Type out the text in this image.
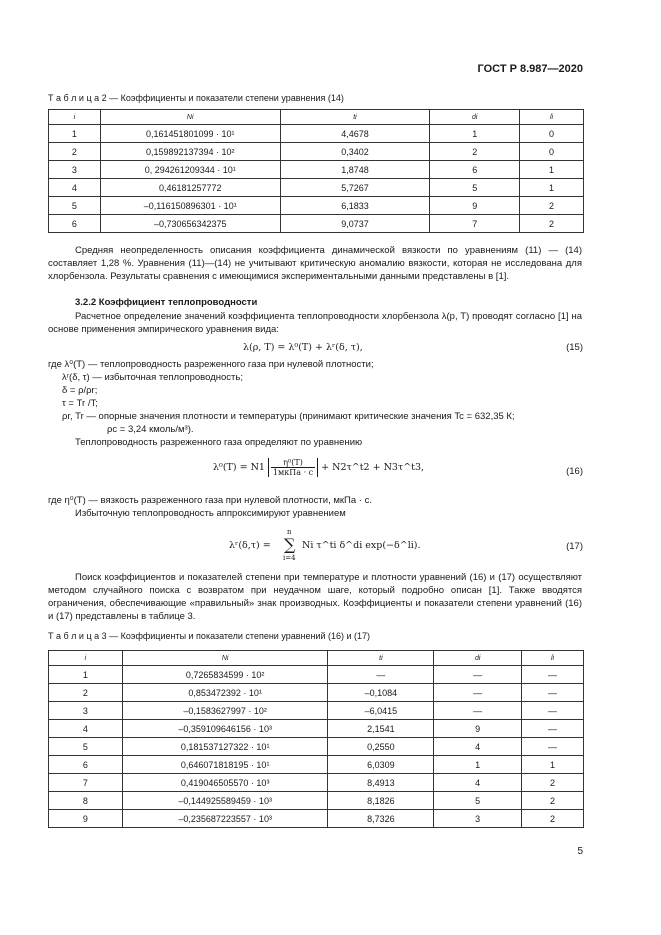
ГОСТ Р 8.987—2020
Т а б л и ц а 2 — Коэффициенты и показатели степени уравнения (14)
i	Ni	ti	di	li
1	0,161451801099 · 10¹	4,4678	1	0
2	0,159892137394 · 10²	0,3402	2	0
3	0, 294261209344 · 10¹	1,8748	6	1
4	0,46181257772	5,7267	5	1
5	–0,116150896301 · 10¹	6,1833	9	2
6	–0,730656342375	9,0737	7	2
Средняя неопределенность описания коэффициента динамической вязкости по уравнениям (11) — (14) составляет 1,28 %. Уравнения (11)—(14) не учитывают критическую аномалию вязкости, которая не исследована для хлорбензола. Результаты сравнения с имеющимися экспериментальными данными представлены в [1].
3.2.2 Коэффициент теплопроводности
Расчетное определение значений коэффициента теплопроводности хлорбензола λ(p, T) проводят согласно [1] на основе применения эмпирического уравнения вида:
λ(ρ, T) = λ⁰(T) + λʳ(δ, τ),	(15)
где λ⁰(T) — теплопроводность разреженного газа при нулевой плотности;
λʳ(δ, τ) — избыточная теплопроводность;
δ = ρ/ρr;
τ = Tr /T;
ρr, Tr — опорные значения плотности и температуры (принимают критические значения Tc = 632,35 К;
ρc = 3,24 кмоль/м³).
Теплопроводность разреженного газа определяют по уравнению
$\lambda^0(T) = N1 \frac{\text{η⁰(T)}}{\text{1мкПа · с}}$ + N2τ^t2 + N3τ^t3,	(16)
где η⁰(T) — вязкость разреженного газа при нулевой плотности, мкПа · с.
Избыточную теплопроводность аппроксимируют уравнением
λʳ(δ,τ) =
n
∑
i=4
Ni τ^ti δ^di exp(−δ^li).	(17)
Поиск коэффициентов и показателей степени при температуре и плотности уравнений (16) и (17) осуществляют методом случайного поиска с возвратом при неудачном шаге, который подробно описан [1]. Также вводятся ограничения, обеспечивающие «правильный» знак производных. Коэффициенты и показатели степени уравнений (16) и (17) представлены в таблице 3.
Т а б л и ц а 3 — Коэффициенты и показатели степени уравнений (16) и (17)
i	Ni	ti	di	li
1	0,7265834599 · 10²	—	—	—
2	0,853472392 · 10¹	–0,1084	—	—
3	–0,1583627997 · 10²	–6,0415	—	—
4	–0,359109646156 · 10³	2,1541	9	—
5	0,181537127322 · 10¹	0,2550	4	—
6	0,646071818195 · 10¹	6,0309	1	1
7	0,419046505570 · 10³	8,4913	4	2
8	–0,144925589459 · 10³	8,1826	5	2
9	–0,235687223557 · 10³	8,7326	3	2
5
